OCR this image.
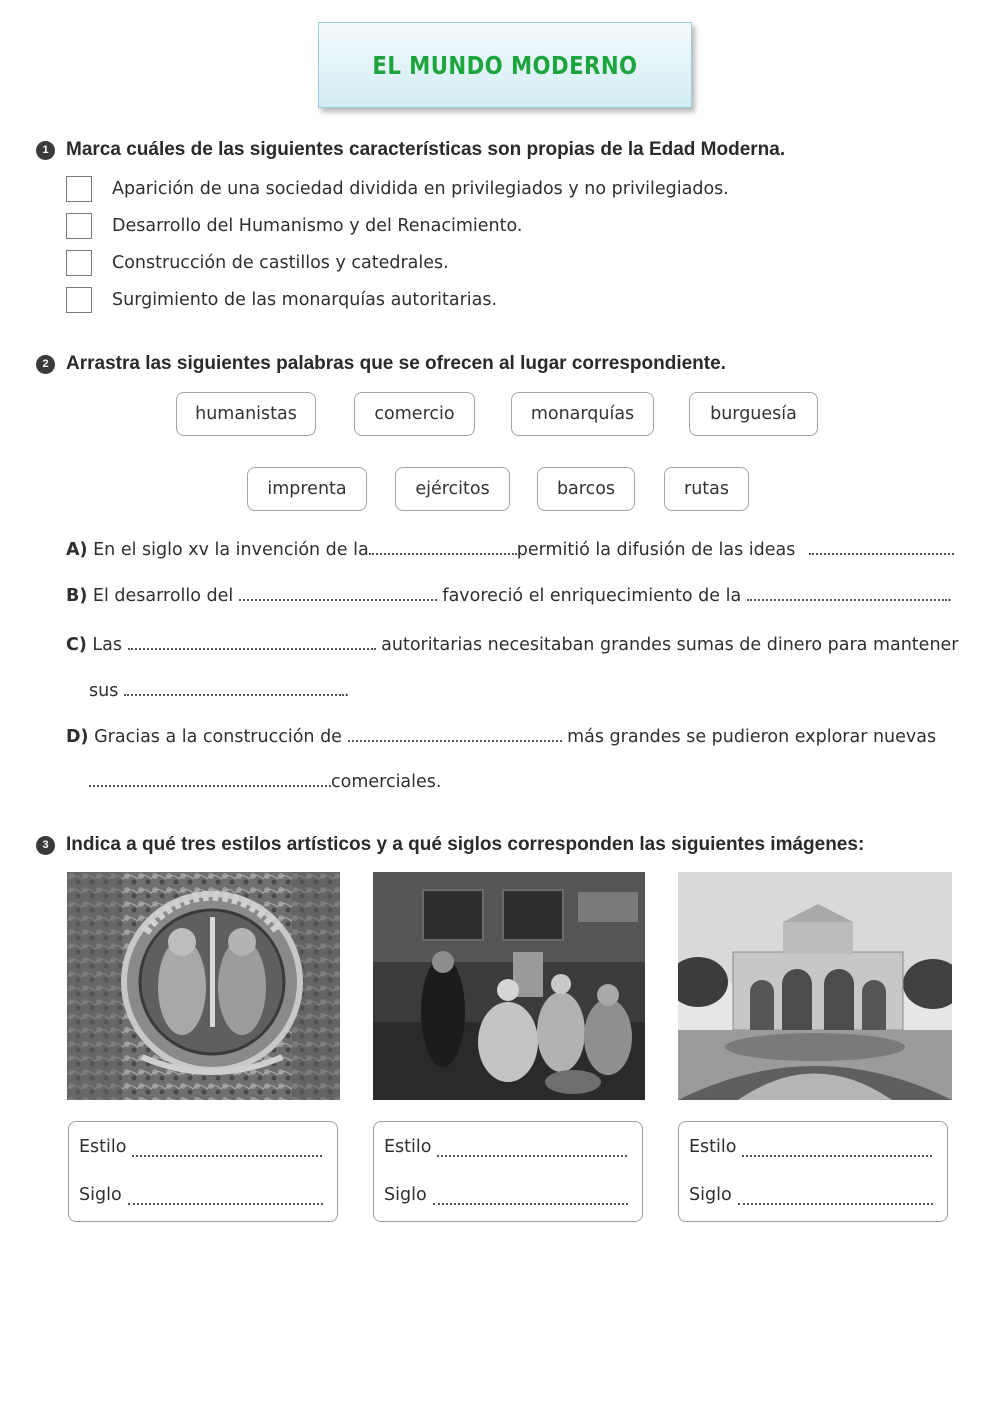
EL MUNDO MODERNO
1 Marca cuáles de las siguientes características son propias de la Edad Moderna.
Aparición de una sociedad dividida en privilegiados y no privilegiados.
Desarrollo del Humanismo y del Renacimiento.
Construcción de castillos y catedrales.
Surgimiento de las monarquías autoritarias.
2 Arrastra las siguientes palabras que se ofrecen al lugar correspondiente.
humanistas	comercio	monarquías	burguesía
imprenta	ejércitos	barcos	rutas
A) En el siglo xv la invención de la	permitió la difusión de las ideas
B) El desarrollo del	favoreció el enriquecimiento de la	.
C) Las	autoritarias necesitaban grandes sumas de dinero para mantener
sus	.
D) Gracias a la construcción de	más grandes se pudieron explorar nuevas
comerciales.
3 Indica a qué tres estilos artísticos y a qué siglos corresponden las siguientes imágenes:
Estilo
Siglo
Estilo
Siglo
Estilo
Siglo
